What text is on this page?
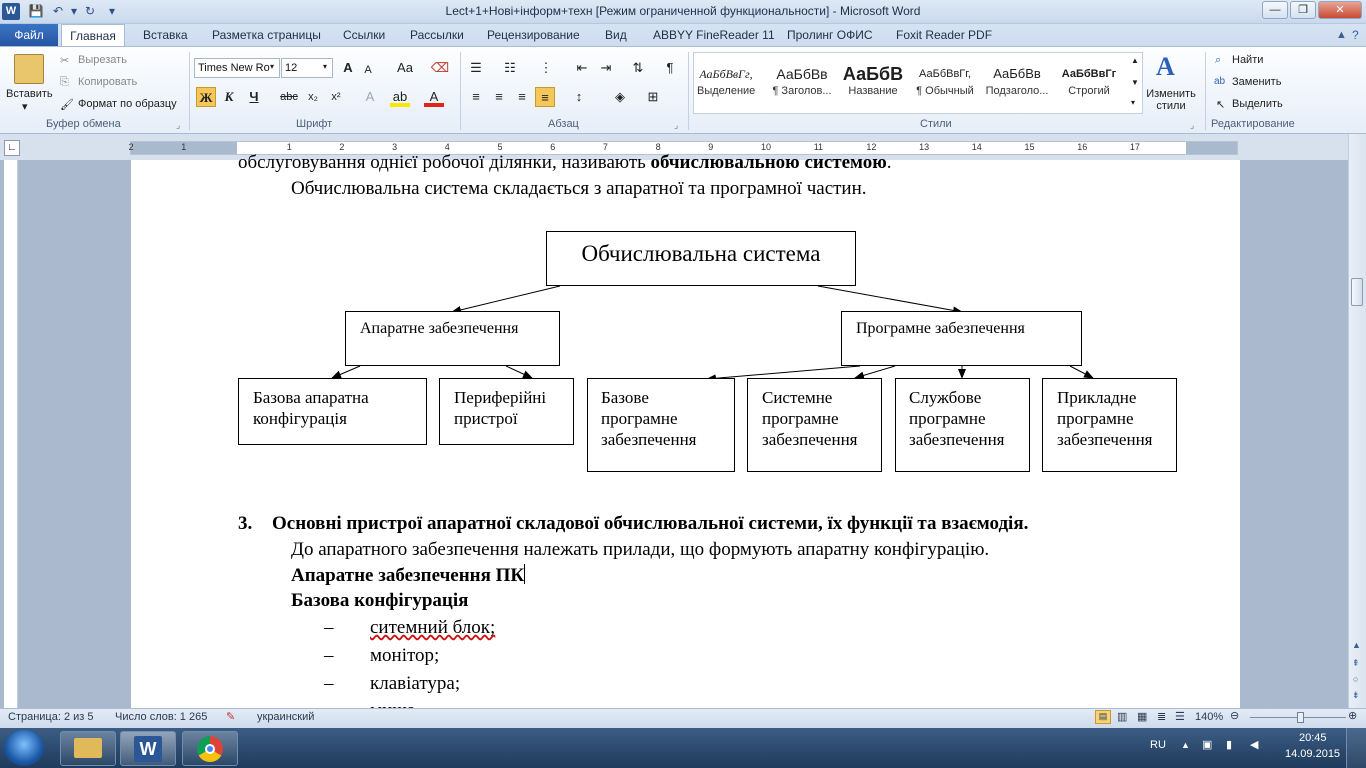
W	💾 ↶ ▾ ↻	▾	Lect+1+Нові+інформ+техн [Режим ограниченной функциональности] - Microsoft Word	—	❐	✕
Файл	Главная	Вставка Разметка страницы Ссылки Рассылки Рецензирование Вид ABBYY FineReader 11 Пролинг ОФИС Foxit Reader PDF	▲ ?
Вставить
▾
✂ Вырезать
⎘ Копировать
🖌 Формат по образцу
Буфер обмена	⌟
Times New Ro	12
▾	▾	A	A	Aa	⌫
Ж К	Ч	abc x₂	x²	A	ab	A
Шрифт
☰	☷	⋮	⇤	⇥	⇅	¶
≡	≡	≡	≡	↕	◈	⊞
Абзац	⌟
АаБбВвГг,
Выделение
АаБбВв
¶ Заголов...
АаБбВ
Название
АаБбВвГг,
¶ Обычный
АаБбВв
Подзаголо...
АаБбВвГг
Строгий
▲
▼
▾
A
Изменить стили
Стили	⌟
⌕ Найти
ab Заменить
↖ Выделить
Редактирование
∟	2	1	1	2	3	4	5	6	7	8	9	10	11	12	13	14	15	16	17
▲
⇞
○
⇟
обслуговування однієї робочої ділянки, називають обчислювальною системою.
Обчислювальна система складається з апаратної та програмної частин.
Обчислювальна система
Апаратне забезпечення	Програмне забезпечення
Базова апаратна конфігурація
Периферійні пристрої
Базове програмне забезпечення
Системне програмне забезпечення
Службове програмне забезпечення
Прикладне програмне забезпечення
3. Основні пристрої апаратної складової обчислювальної системи, їх функції та взаємодія.
До апаратного забезпечення належать прилади, що формують апаратну конфігурацію.
Апаратне забезпечення ПК
Базова конфігурація
– ситемний блок;
– монітор;
– клавіатура;
Страница: 2 из 5 Число слов: 1 265 ✎ украинский	▤ ▥ ▦ ≣ ☰ 140% ⊖	⊕
W	RU ▲ ▣ ▮ ◀
20:45
14.09.2015
